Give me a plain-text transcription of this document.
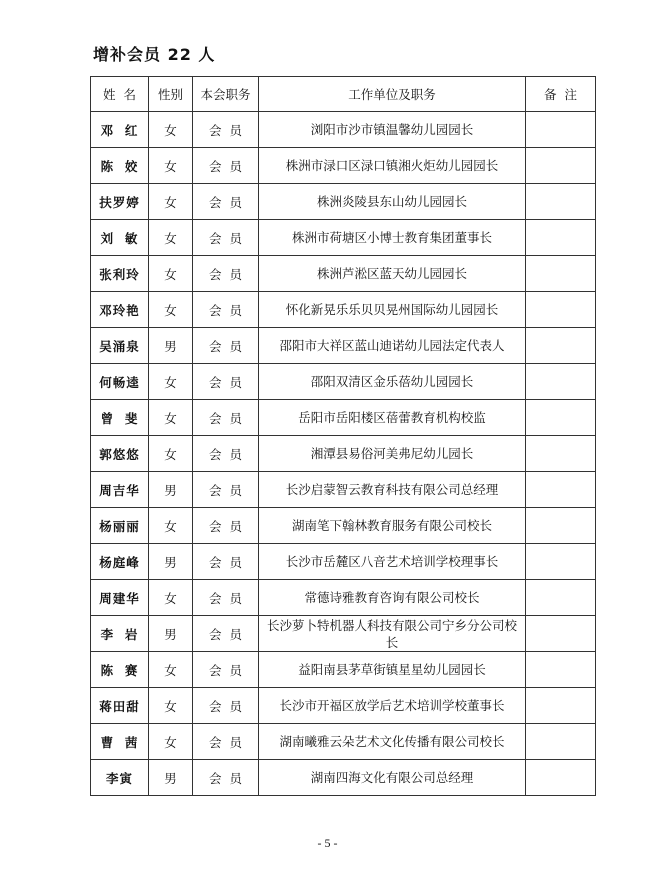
增补会员 22 人
姓  名	性别	本会职务	工作单位及职务	备  注
邓  红	女	会  员	浏阳市沙市镇温馨幼儿园园长	
陈  姣	女	会  员	株洲市渌口区渌口镇湘火炬幼儿园园长	
扶罗婷	女	会  员	株洲炎陵县东山幼儿园园长	
刘  敏	女	会  员	株洲市荷塘区小博士教育集团董事长	
张利玲	女	会  员	株洲芦淞区蓝天幼儿园园长	
邓玲艳	女	会  员	怀化新晃乐乐贝贝晃州国际幼儿园园长	
吴涌泉	男	会  员	邵阳市大祥区蓝山迪诺幼儿园法定代表人	
何畅逵	女	会  员	邵阳双清区金乐蓓幼儿园园长	
曾  斐	女	会  员	岳阳市岳阳楼区蓓蕾教育机构校监	
郭悠悠	女	会  员	湘潭县易俗河美弗尼幼儿园长	
周吉华	男	会  员	长沙启蒙智云教育科技有限公司总经理	
杨丽丽	女	会  员	湖南笔下翰林教育服务有限公司校长	
杨庭峰	男	会  员	长沙市岳麓区八音艺术培训学校理事长	
周建华	女	会  员	常德诗雅教育咨询有限公司校长	
李  岩	男	会  员	长沙萝卜特机器人科技有限公司宁乡分公司校长	
陈  赛	女	会  员	益阳南县茅草街镇星星幼儿园园长	
蒋田甜	女	会  员	长沙市开福区放学后艺术培训学校董事长	
曹  茜	女	会  员	湖南曦雅云朵艺术文化传播有限公司校长	
李寅	男	会  员	湖南四海文化有限公司总经理	
- 5 -
